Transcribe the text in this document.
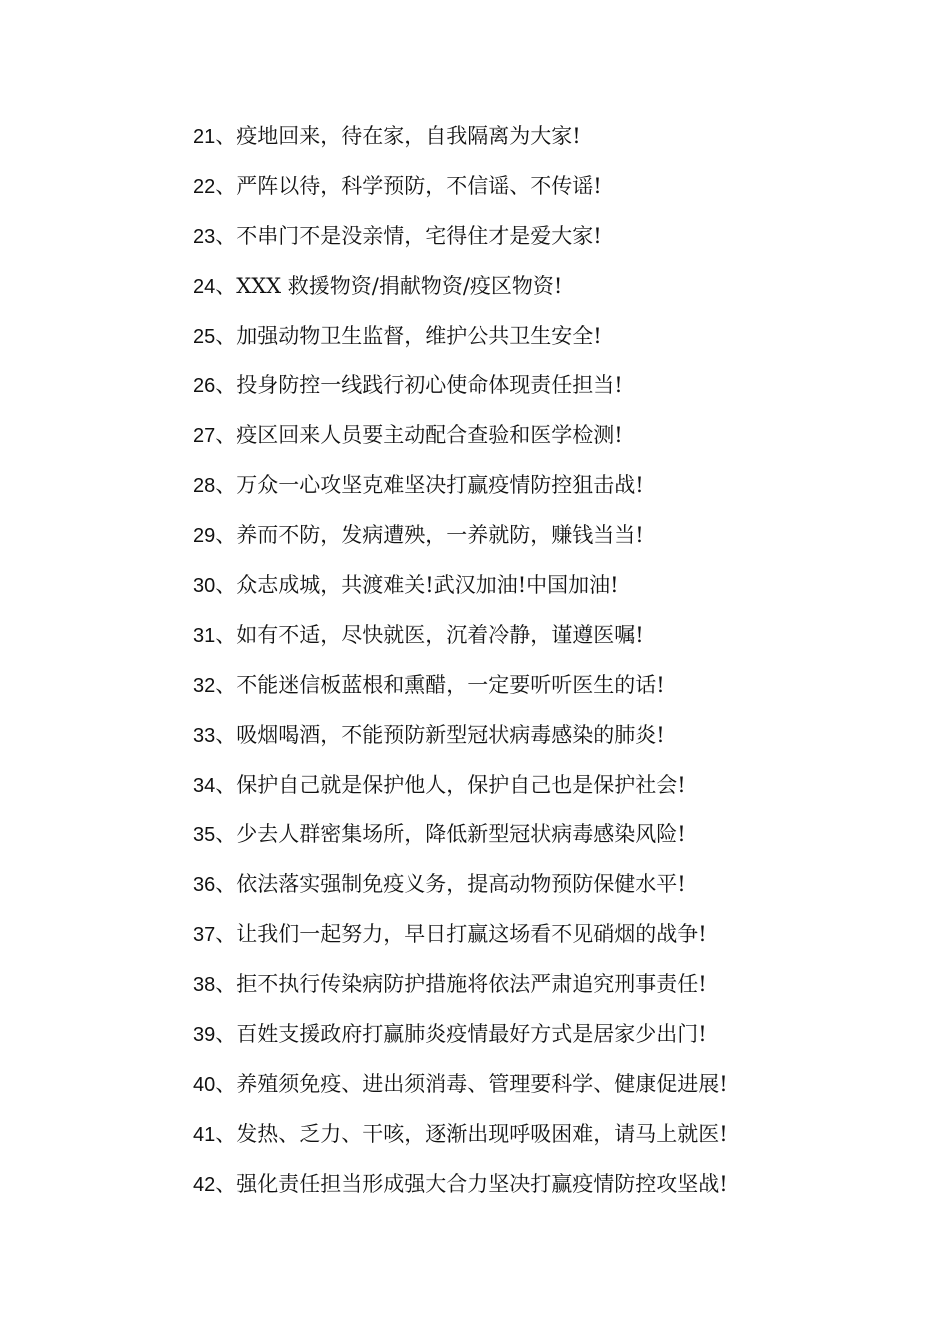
21、疫地回来，待在家，自我隔离为大家!
22、严阵以待，科学预防，不信谣、不传谣!
23、不串门不是没亲情，宅得住才是爱大家!
24、XXX 救援物资/捐献物资/疫区物资!
25、加强动物卫生监督，维护公共卫生安全!
26、投身防控一线践行初心使命体现责任担当!
27、疫区回来人员要主动配合查验和医学检测!
28、万众一心攻坚克难坚决打赢疫情防控狙击战!
29、养而不防，发病遭殃，一养就防，赚钱当当!
30、众志成城，共渡难关!武汉加油!中国加油!
31、如有不适，尽快就医，沉着冷静，谨遵医嘱!
32、不能迷信板蓝根和熏醋，一定要听听医生的话!
33、吸烟喝酒，不能预防新型冠状病毒感染的肺炎!
34、保护自己就是保护他人，保护自己也是保护社会!
35、少去人群密集场所，降低新型冠状病毒感染风险!
36、依法落实强制免疫义务，提高动物预防保健水平!
37、让我们一起努力，早日打赢这场看不见硝烟的战争!
38、拒不执行传染病防护措施将依法严肃追究刑事责任!
39、百姓支援政府打赢肺炎疫情最好方式是居家少出门!
40、养殖须免疫、进出须消毒、管理要科学、健康促进展!
41、发热、乏力、干咳，逐渐出现呼吸困难，请马上就医!
42、强化责任担当形成强大合力坚决打赢疫情防控攻坚战!
